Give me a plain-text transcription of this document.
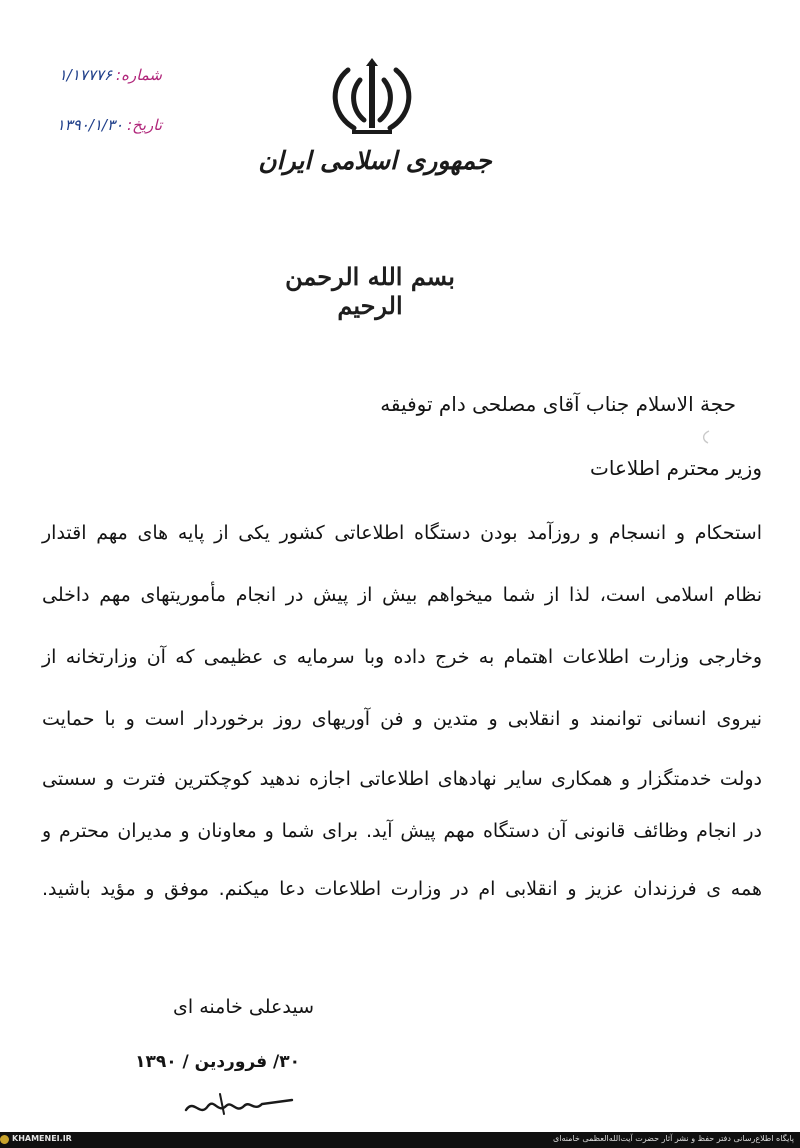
شماره:۱/۱۷۷۷۶
تاریخ:۱۳۹۰/۱/۳۰
جمهوری اسلامی ایران
بسم الله الرحمن الرحیم
حجة الاسلام جناب آقای مصلحی دام توفیقه
وزیر محترم اطلاعات
استحکام و انسجام و روزآمد بودن دستگاه اطلاعاتی کشور یکی از پایه های مهم اقتدار
نظام اسلامی است، لذا از شما میخواهم بیش از پیش در انجام مأموریتهای مهم داخلی
وخارجی وزارت اطلاعات اهتمام به خرج داده وبا سرمایه ی عظیمی که آن وزارتخانه از
نیروی انسانی توانمند و انقلابی و متدین و فن آوریهای روز برخوردار است و با حمایت
دولت خدمتگزار و همکاری سایر نهادهای اطلاعاتی اجازه ندهید کوچکترین فترت و سستی
در انجام وظائف قانونی آن دستگاه مهم پیش آید. برای شما و معاونان و مدیران محترم و
همه ی فرزندان عزیز و انقلابی ام در وزارت اطلاعات دعا میکنم. موفق و مؤید باشید.
سیدعلی خامنه ای
۳۰/ فروردین / ۱۳۹۰
KHAMENEI.IR	پایگاه اطلاع‌رسانی دفتر حفظ و نشر آثار حضرت آیت‌الله‌العظمی خامنه‌ای
